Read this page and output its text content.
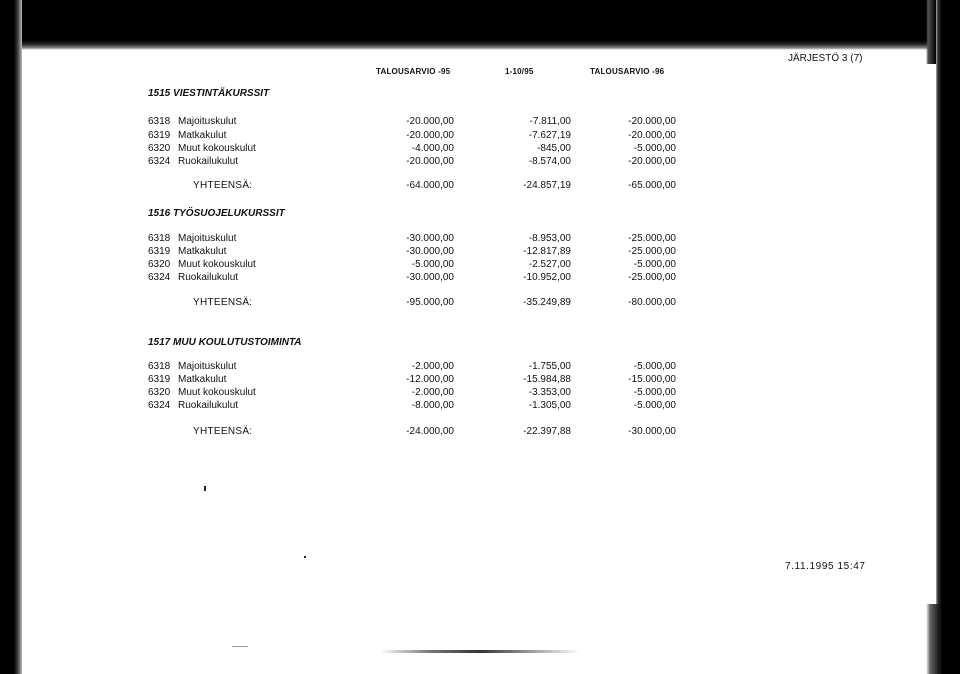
JÄRJESTÖ 3 (7)
TALOUSARVIO -95	1-10/95	TALOUSARVIO -96
1515 VIESTINTÄKURSSIT
6318 Majoituskulut	-20.000,00	-7.811,00	-20.000,00
6319 Matkakulut	-20.000,00	-7.627,19	-20.000,00
6320 Muut kokouskulut	-4.000,00	-845,00	-5.000,00
6324 Ruokailukulut	-20.000,00	-8.574,00	-20.000,00
YHTEENSÄ:	-64.000,00	-24.857,19	-65.000,00
1516 TYÖSUOJELUKURSSIT
6318 Majoituskulut	-30.000,00	-8.953,00	-25.000,00
6319 Matkakulut	-30.000,00	-12.817,89	-25.000,00
6320 Muut kokouskulut	-5.000,00	-2.527,00	-5.000,00
6324 Ruokailukulut	-30.000,00	-10.952,00	-25.000,00
YHTEENSÄ:	-95.000,00	-35.249,89	-80.000,00
1517 MUU KOULUTUSTOIMINTA
6318 Majoituskulut	-2.000,00	-1.755,00	-5.000,00
6319 Matkakulut	-12.000,00	-15.984,88	-15.000,00
6320 Muut kokouskulut	-2.000,00	-3.353,00	-5.000,00
6324 Ruokailukulut	-8.000,00	-1.305,00	-5.000,00
YHTEENSÄ:	-24.000,00	-22.397,88	-30.000,00
7.11.1995 15:47
